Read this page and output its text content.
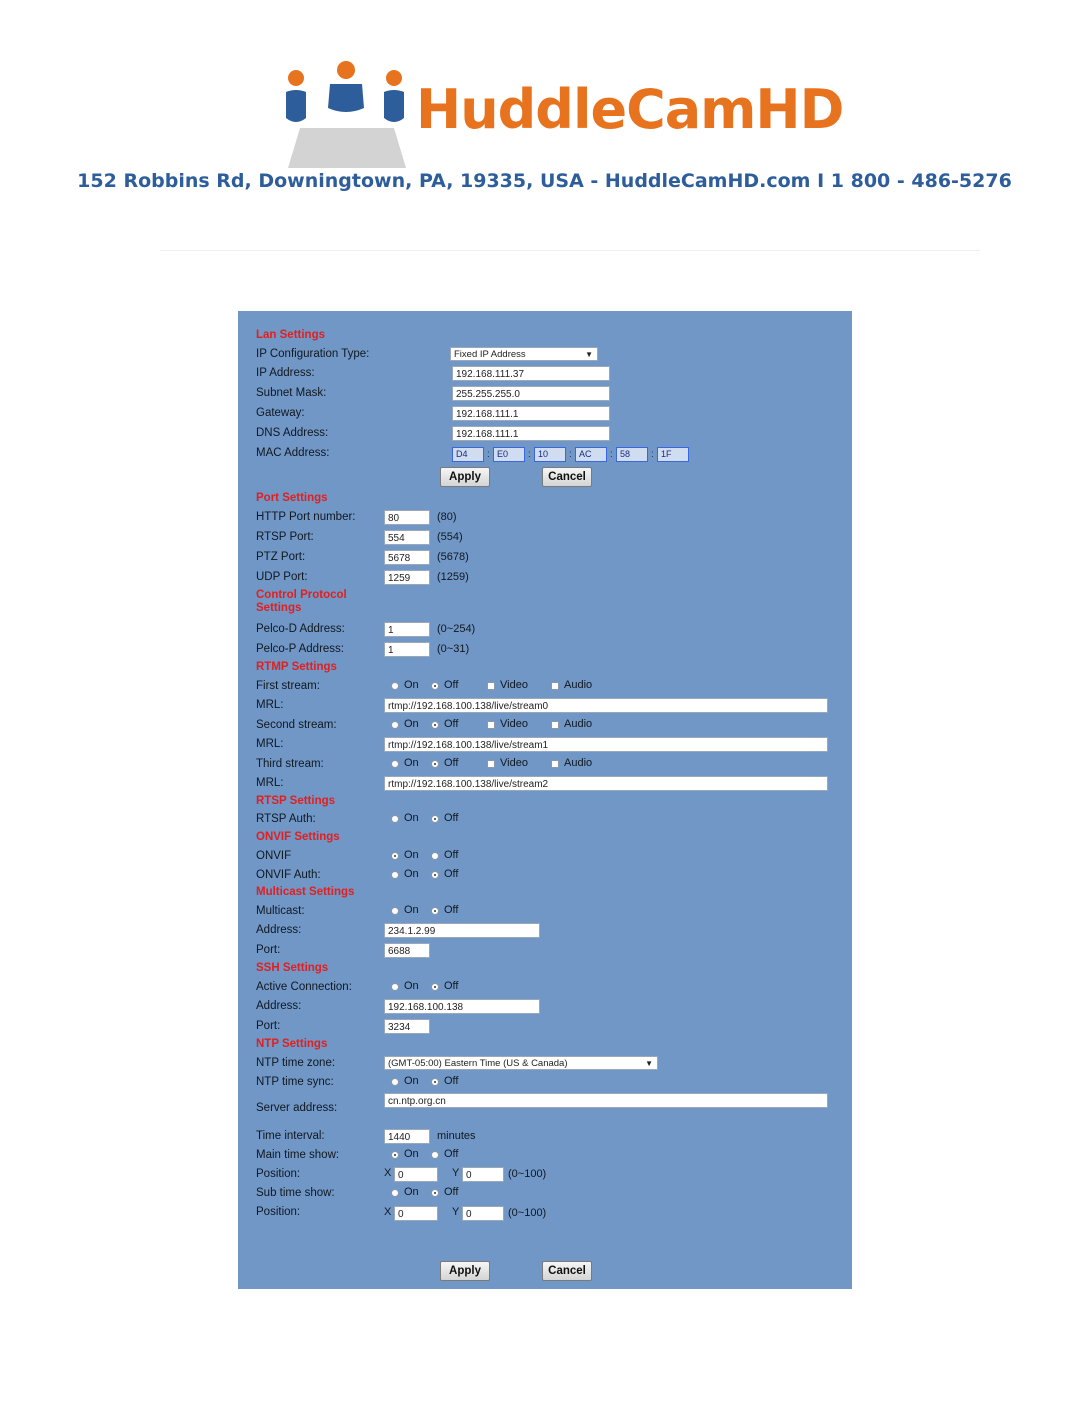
HuddleCamHD
152 Robbins Rd, Downingtown, PA, 19335, USA - HuddleCamHD.com I 1 800 - 486-5276
Lan Settings
IP Configuration Type:	Fixed IP Address	▼
IP Address:	192.168.111.37
Subnet Mask:	255.255.255.0
Gateway:	192.168.111.1
DNS Address:	192.168.111.1
MAC Address:	D4	: E0	: 10	: AC	: 58	: 1F
Apply	Cancel
Port Settings
HTTP Port number:	80	(80)
RTSP Port:	554	(554)
PTZ Port:	5678	(5678)
UDP Port:	1259	(1259)
Control Protocol Settings
Pelco-D Address:	1	(0~254)
Pelco-P Address:	1	(0~31)
RTMP Settings
First stream:	On Off	Video	Audio
MRL:	rtmp://192.168.100.138/live/stream0
Second stream:	On Off	Video	Audio
MRL:	rtmp://192.168.100.138/live/stream1
Third stream:	On Off	Video	Audio
MRL:	rtmp://192.168.100.138/live/stream2
RTSP Settings
RTSP Auth:	On Off
ONVIF Settings
ONVIF	On Off
ONVIF Auth:	On Off
Multicast Settings
Multicast:	On Off
Address:	234.1.2.99
Port:	6688
SSH Settings
Active Connection:	On Off
Address:	192.168.100.138
Port:	3234
NTP Settings
NTP time zone:	(GMT-05:00) Eastern Time (US & Canada)	▼
NTP time sync:	On Off
Server address:
cn.ntp.org.cn
Time interval:	1440	minutes
Main time show:	On Off
Position:	X 0	Y 0	(0~100)
Sub time show:	On Off
Position:	X 0	Y 0	(0~100)
Apply	Cancel
